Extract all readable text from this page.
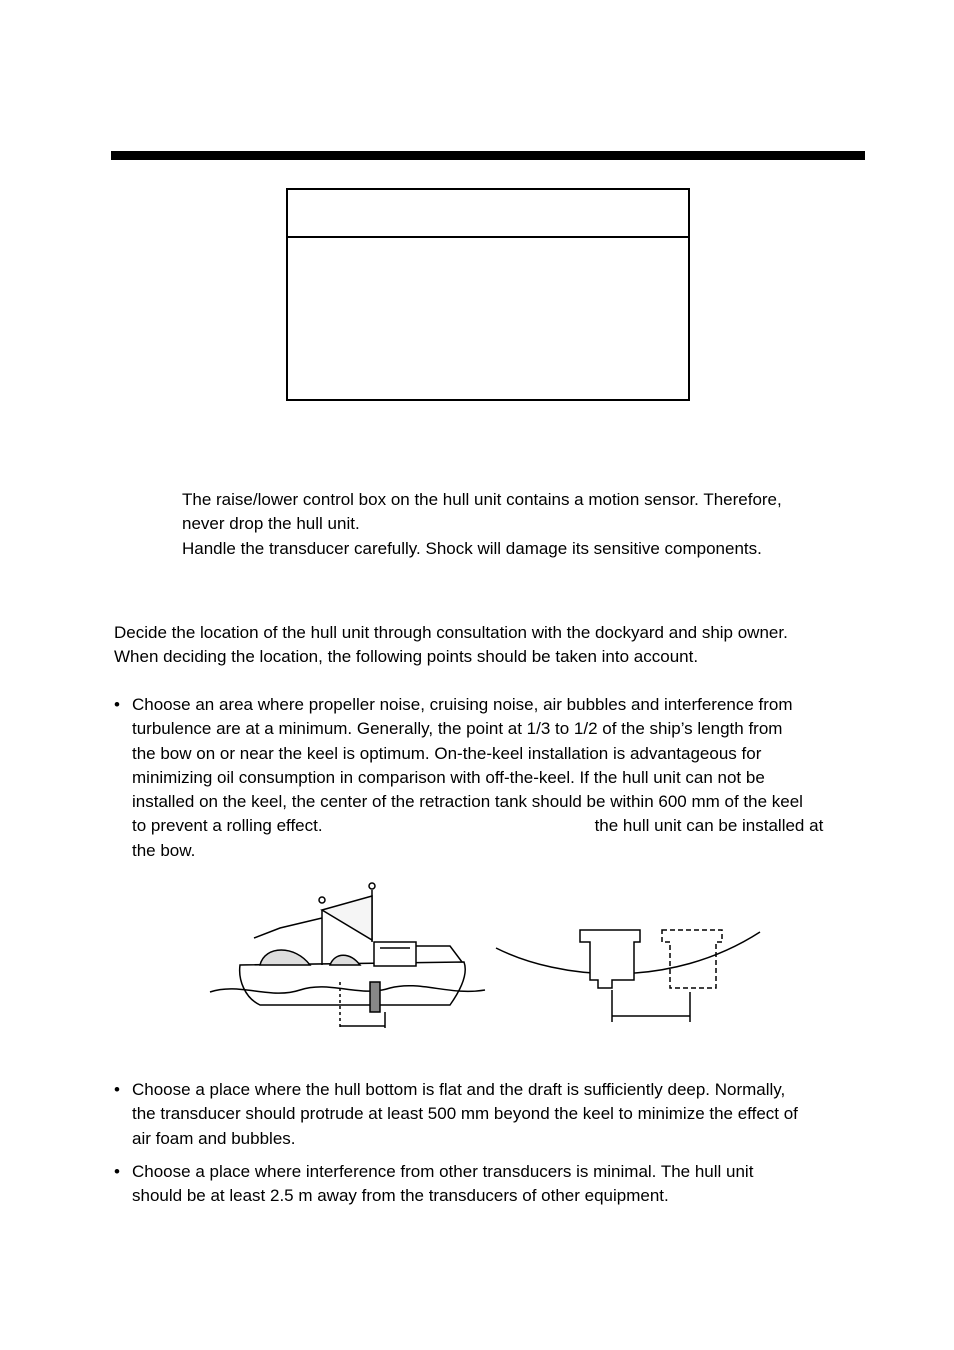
The raise/lower control box on the hull unit contains a motion sensor. Therefore,
never drop the hull unit.
Handle the transducer carefully. Shock will damage its sensitive components.
Decide the location of the hull unit through consultation with the dockyard and ship owner.
When deciding the location, the following points should be taken into account.
• Choose an area where propeller noise, cruising noise, air bubbles and interference from
turbulence are at a minimum. Generally, the point at 1/3 to 1/2 of the ship’s length from
the bow on or near the keel is optimum. On-the-keel installation is advantageous for
minimizing oil consumption in comparison with off-the-keel. If the hull unit can not be
installed on the keel, the center of the retraction tank should be within 600 mm of the keel
to prevent a rolling effect.	the hull unit can be installed at
the bow.
• Choose a place where the hull bottom is flat and the draft is sufficiently deep. Normally,
the transducer should protrude at least 500 mm beyond the keel to minimize the effect of
air foam and bubbles.
• Choose a place where interference from other transducers is minimal. The hull unit
should be at least 2.5 m away from the transducers of other equipment.
